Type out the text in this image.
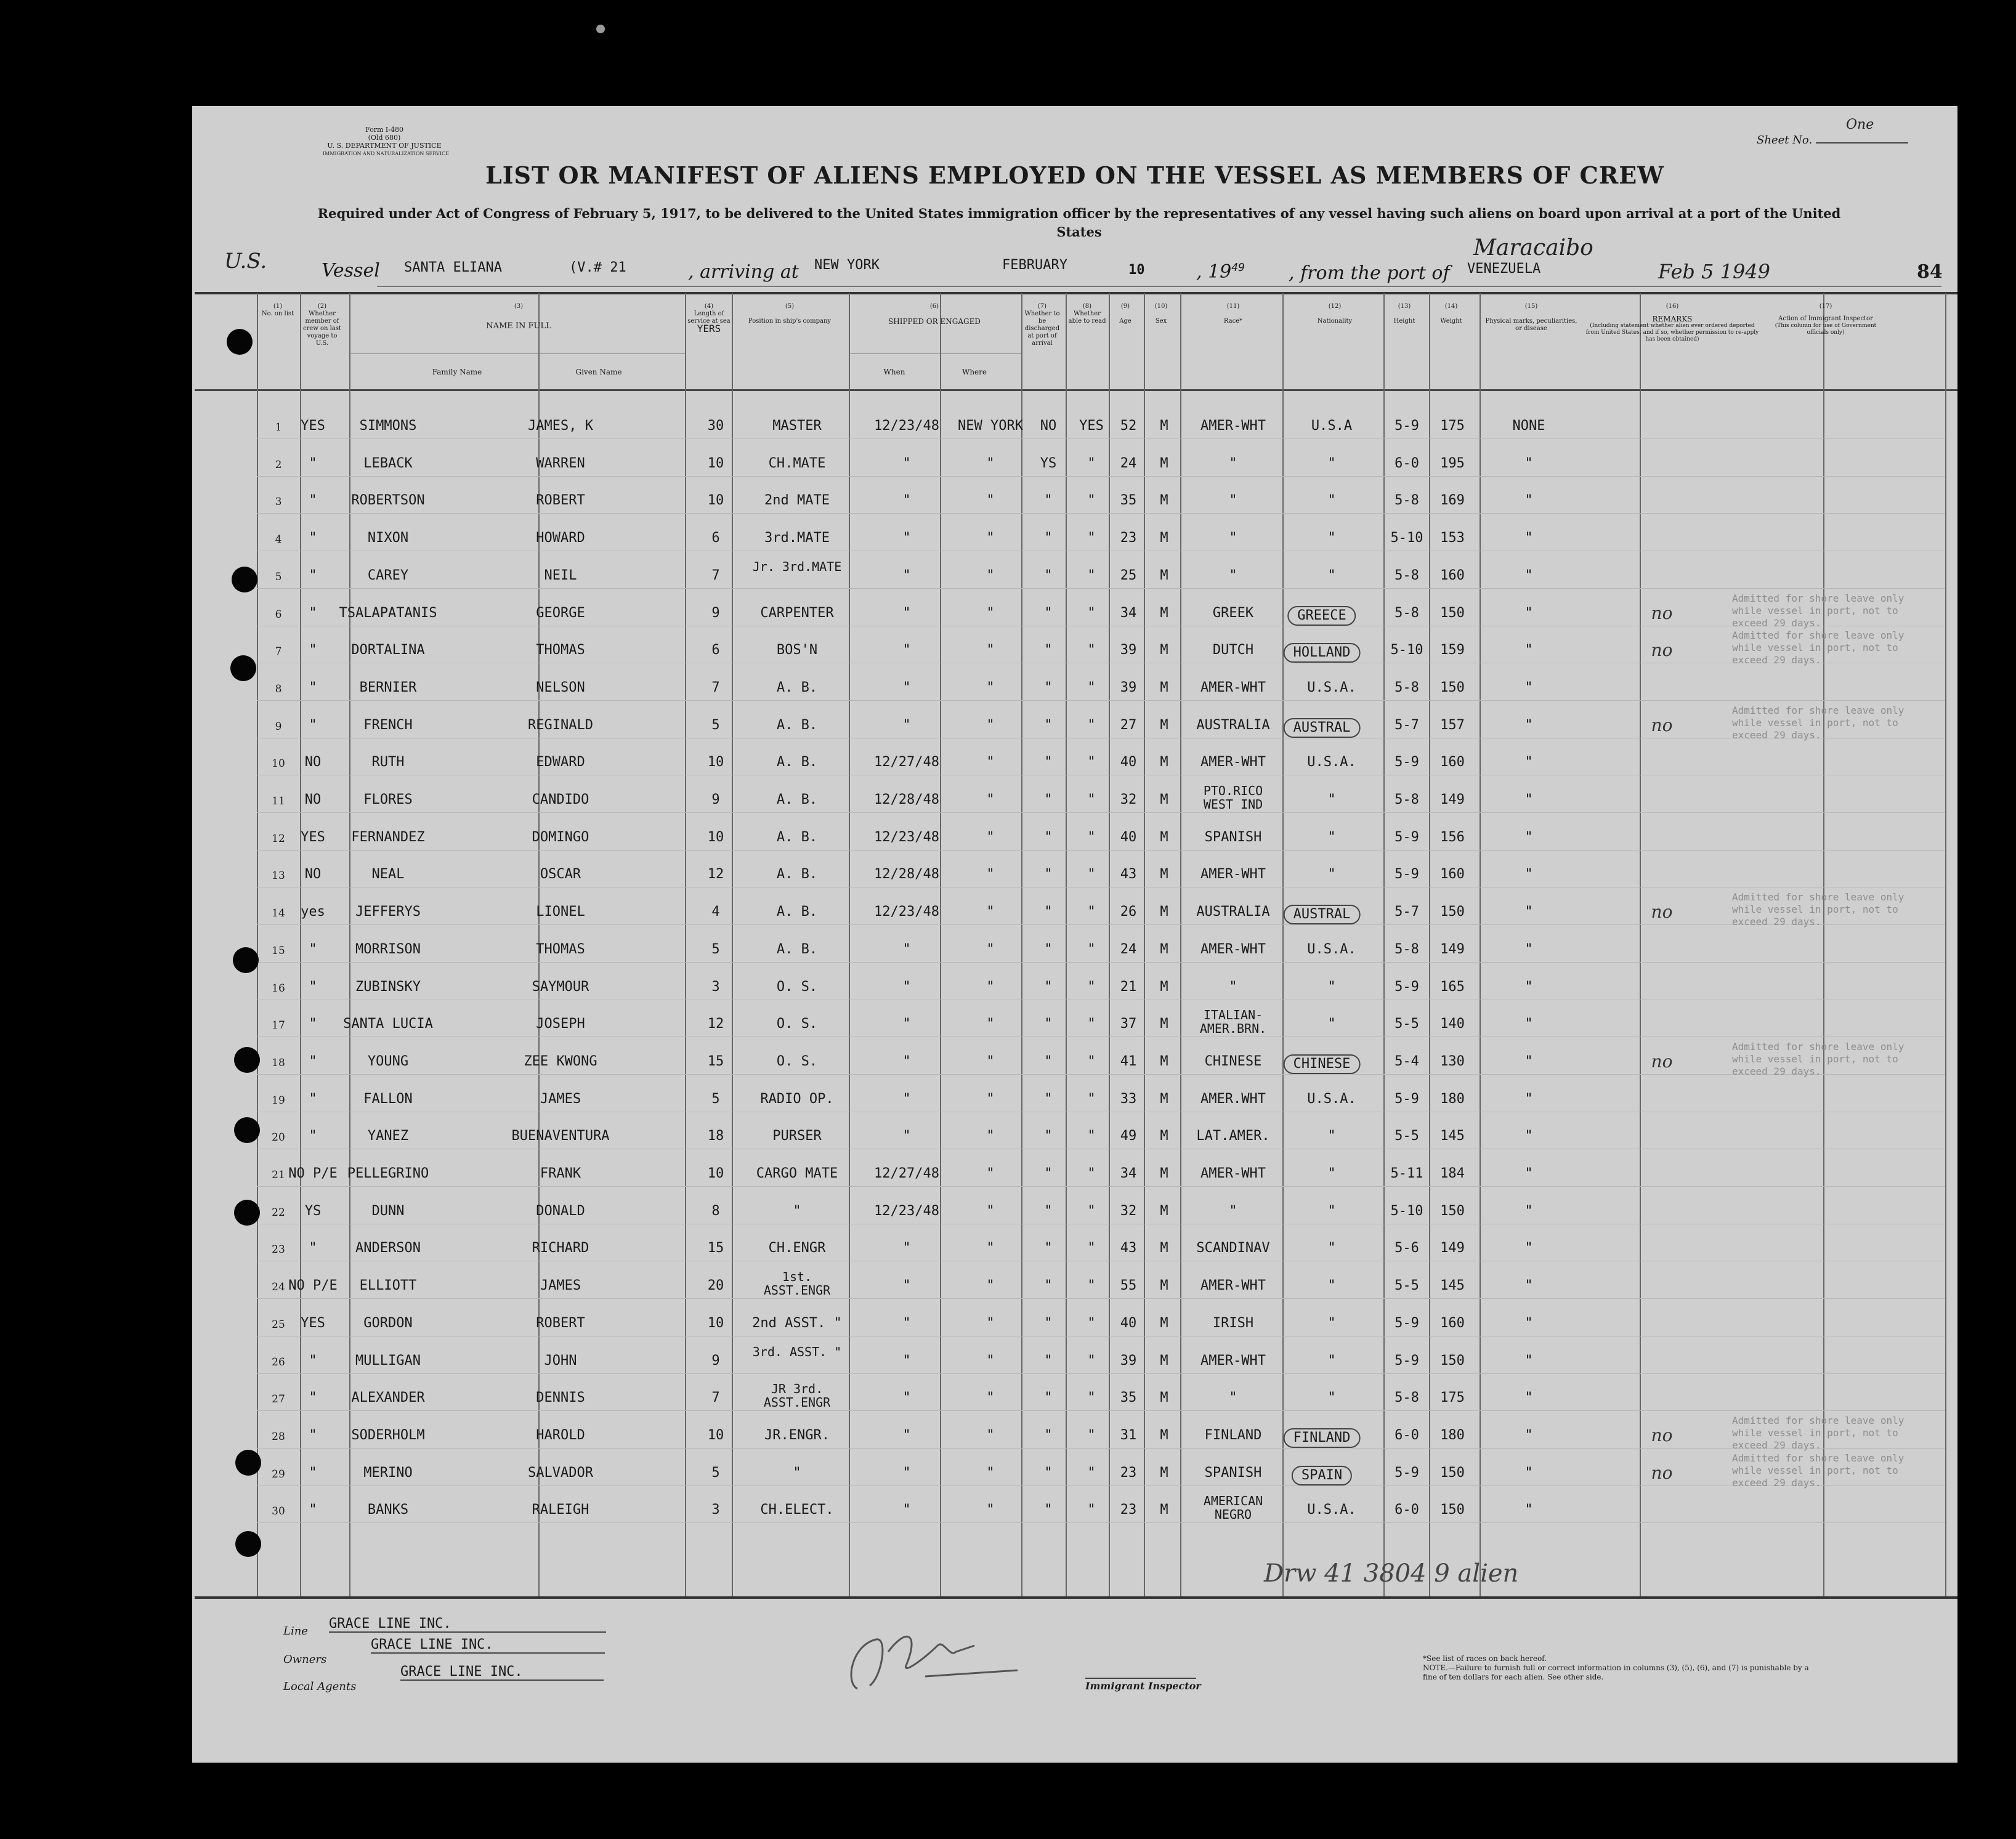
Form I-480
(Old 680)
U. S. DEPARTMENT OF JUSTICE
IMMIGRATION AND NATURALIZATION SERVICE
Sheet No.
One
LIST OR MANIFEST OF ALIENS EMPLOYED ON THE VESSEL AS MEMBERS OF CREW
Required under Act of Congress of February 5, 1917, to be delivered to the United States immigration officer by the representatives of any vessel having such aliens on board upon arrival at a port of the United States
U.S.	Vessel SANTA ELIANA	(V.# 21	, arriving at NEW YORK	FEBRUARY	10	, $19^{49}$ , from the port of VENEZUELA
Maracaibo
Feb 5 1949	84
(1)
No. on list
(2)
Whether member of crew on last voyage to U.S.
(3)
NAME IN FULL
Family Name	Given Name
(4)
Length of service at sea
YERS
(5)
Position in ship's company
(6)
SHIPPED OR ENGAGED
When	Where
(7)
Whether to be discharged at port of arrival
(8)
Whether able to read
(9)
Age
(10)
Sex
(11)
Race*
(12)
Nationality
(13)
Height
(14)
Weight
(15)
Physical marks, peculiarities, or disease
(16)
REMARKS
(Including statement whether alien ever ordered deported from United States, and if so, whether permission to re-apply has been obtained)
(17)
Action of Immigrant Inspector
(This column for use of Government officials only)
1	YES	SIMMONS	JAMES, K	30	MASTER	12/23/48 NEW YORK NO YES 52 M AMER-WHT	U.S.A	5-9 175	NONE
2	"	LEBACK	WARREN	10	CH.MATE	"	"	YS " 24 M	"	"	6-0 195	"
3	"	ROBERTSON	ROBERT	10	2nd MATE	"	"	"	" 35 M	"	"	5-8 169	"
4	"	NIXON	HOWARD	6	3rd.MATE	"	"	"	" 23 M	"	"	5-10 153	"
5	"	CAREY	NEIL	7
Jr. 3rd.MATE
"	"	"	" 25 M	"	"	5-8 160	"
6	" TSALAPATANIS	GEORGE	9	CARPENTER	"	"	"	" 34 M	GREEK	GREECE	5-8 150	"	no
Admitted for shore leave only while vessel in port, not to exceed 29 days.
7	"	DORTALINA	THOMAS	6	BOS'N	"	"	"	" 39 M	DUTCH	HOLLAND	5-10 159	"	no
Admitted for shore leave only while vessel in port, not to exceed 29 days.
8	"	BERNIER	NELSON	7	A. B.	"	"	"	" 39 M AMER-WHT	U.S.A.	5-8 150	"
9	"	FRENCH	REGINALD	5	A. B.	"	"	"	" 27 M AUSTRALIA	AUSTRAL	5-7 157	"	no
Admitted for shore leave only while vessel in port, not to exceed 29 days.
10	NO	RUTH	EDWARD	10	A. B.	12/27/48	"	"	" 40 M AMER-WHT	U.S.A.	5-9 160	"
11	NO	FLORES	CANDIDO	9	A. B.	12/28/48	"	"	" 32 M
PTO.RICO WEST IND	"	5-8 149	"
12	YES FERNANDEZ	DOMINGO	10	A. B.	12/23/48	"	"	" 40 M	SPANISH	"	5-9 156	"
13	NO	NEAL	OSCAR	12	A. B.	12/28/48	"	"	" 43 M AMER-WHT	"	5-9 160	"
14	yes JEFFERYS	LIONEL	4	A. B.	12/23/48	"	"	" 26 M AUSTRALIA	AUSTRAL	5-7 150	"	no
Admitted for shore leave only while vessel in port, not to exceed 29 days.
15	"	MORRISON	THOMAS	5	A. B.	"	"	"	" 24 M AMER-WHT	U.S.A.	5-8 149	"
16	"	ZUBINSKY	SAYMOUR	3	O. S.	"	"	"	" 21 M	"	"	5-9 165	"
17	" SANTA LUCIA	JOSEPH	12	O. S.	"	"	"	" 37 M
ITALIAN- AMER.BRN.	"	5-5 140	"
18	"	YOUNG	ZEE KWONG	15	O. S.	"	"	"	" 41 M	CHINESE	CHINESE	5-4 130	"	no
Admitted for shore leave only while vessel in port, not to exceed 29 days.
19	"	FALLON	JAMES	5	RADIO OP.	"	"	"	" 33 M AMER.WHT	U.S.A.	5-9 180	"
20	"	YANEZ	BUENAVENTURA	18	PURSER	"	"	"	" 49 M LAT.AMER.	"	5-5 145	"
21 NO P/E PELLEGRINO	FRANK	10 CARGO MATE	12/27/48	"	"	" 34 M AMER-WHT	"	5-11 184	"
22	YS	DUNN	DONALD	8	"	12/23/48	"	"	" 32 M	"	"	5-10 150	"
23	"	ANDERSON	RICHARD	15	CH.ENGR	"	"	"	" 43 M SCANDINAV	"	5-6 149	"
24 NO P/E ELLIOTT	JAMES	20
1st. ASST.ENGR	"	"	"	" 55 M AMER-WHT	"	5-5 145	"
25	YES	GORDON	ROBERT	10 2nd ASST. "	"	"	"	" 40 M	IRISH	"	5-9 160	"
26	"	MULLIGAN	JOHN	9
3rd. ASST. "
"	"	"	" 39 M AMER-WHT	"	5-9 150	"
27	"	ALEXANDER	DENNIS	7
JR 3rd. ASST.ENGR	"	"	"	" 35 M	"	"	5-8 175	"
28	"	SODERHOLM	HAROLD	10	JR.ENGR.	"	"	"	" 31 M	FINLAND	FINLAND	6-0 180	"	no
Admitted for shore leave only while vessel in port, not to exceed 29 days.
29	"	MERINO	SALVADOR	5	"	"	"	"	" 23 M	SPANISH	SPAIN	5-9 150	"	no
Admitted for shore leave only while vessel in port, not to exceed 29 days.
30	"	BANKS	RALEIGH	3	CH.ELECT.	"	"	"	" 23 M
AMERICAN NEGRO	U.S.A.	6-0 150	"
Drw 41 3804 9 alien
Line GRACE LINE INC.
Owners
GRACE LINE INC.
Local Agents
GRACE LINE INC.
Immigrant Inspector
*See list of races on back hereof.
NOTE.—Failure to furnish full or correct information in columns (3), (5), (6), and (7) is punishable by a fine of ten dollars for each alien. See other side.
